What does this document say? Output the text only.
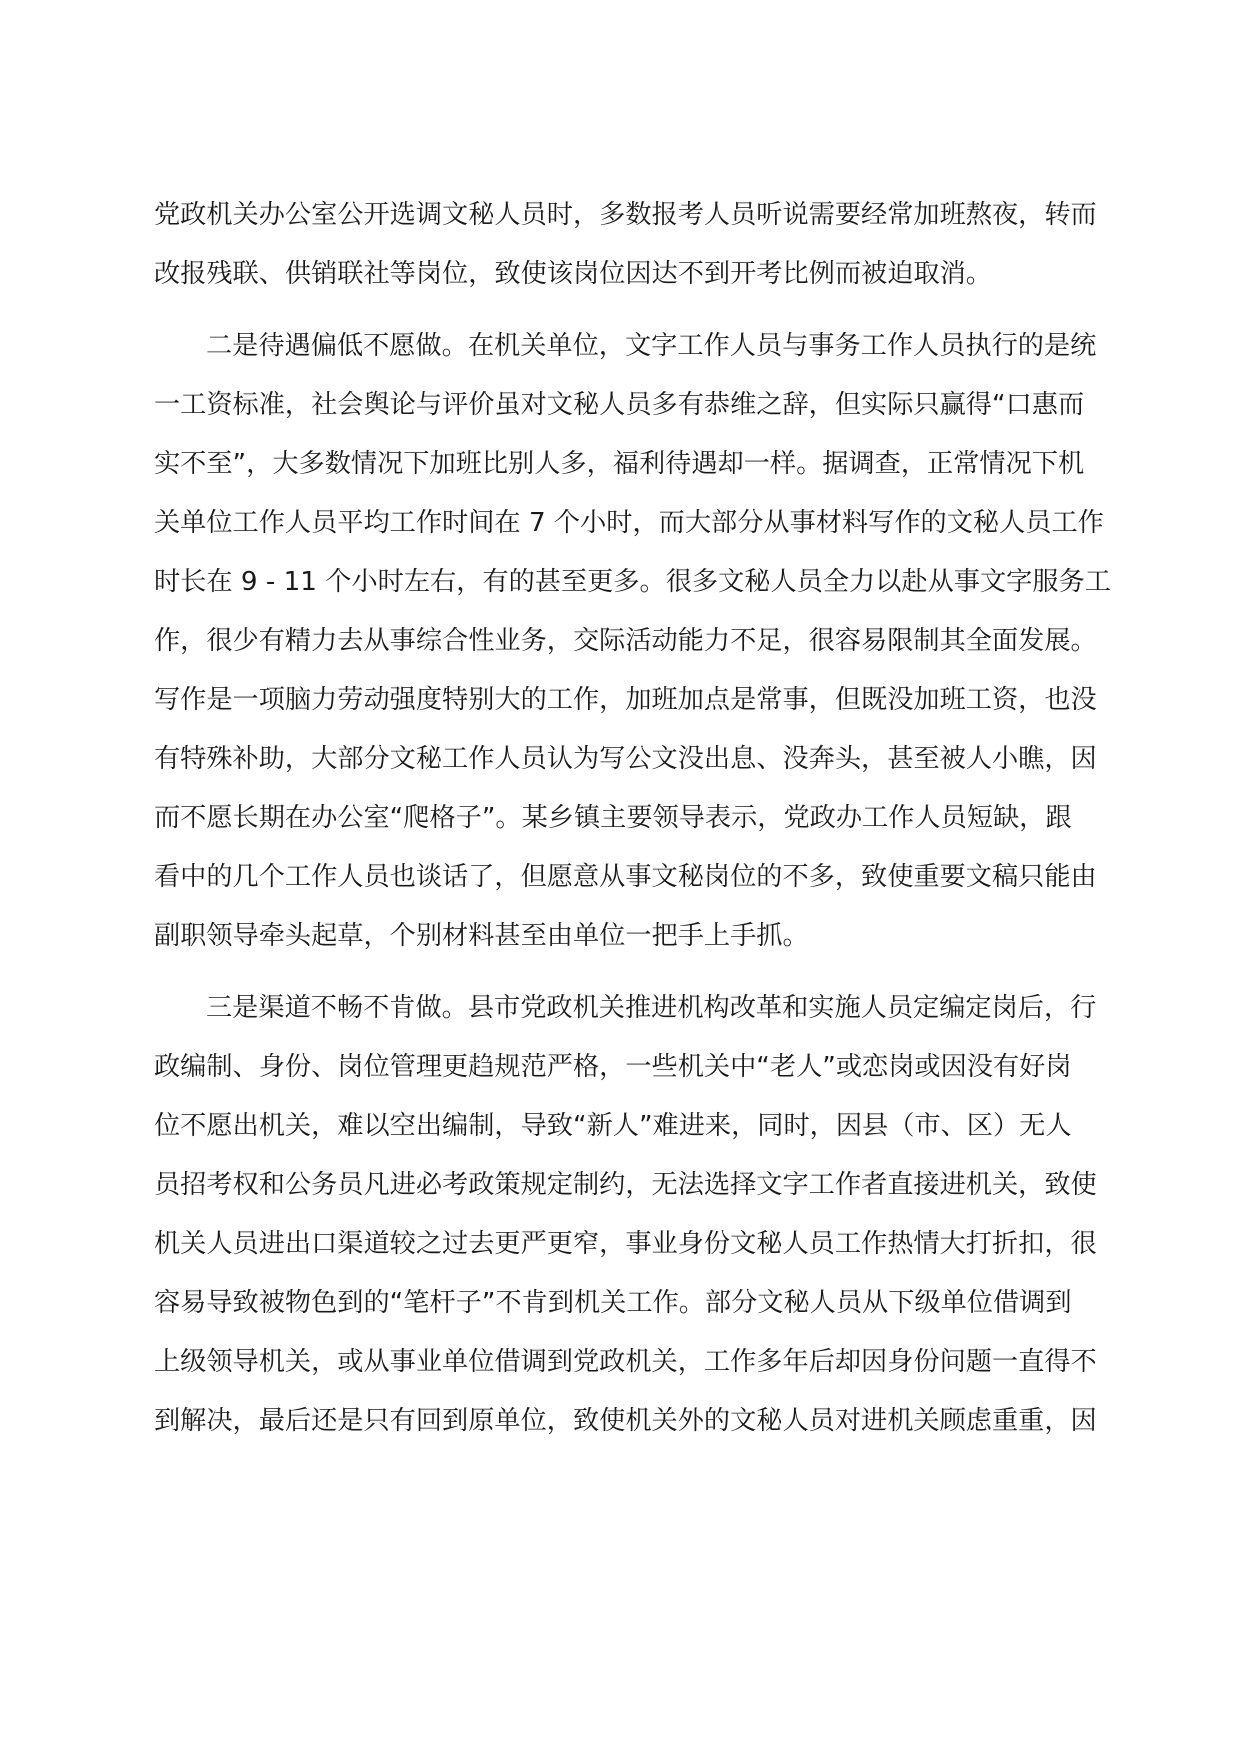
党政机关办公室公开选调文秘人员时，多数报考人员听说需要经常加班熬夜，转而
改报残联、供销联社等岗位，致使该岗位因达不到开考比例而被迫取消。
二是待遇偏低不愿做。在机关单位，文字工作人员与事务工作人员执行的是统
一工资标准，社会舆论与评价虽对文秘人员多有恭维之辞，但实际只赢得“口惠而
实不至”，大多数情况下加班比别人多，福利待遇却一样。据调查，正常情况下机
关单位工作人员平均工作时间在 7 个小时，而大部分从事材料写作的文秘人员工作
时长在 9 - 11 个小时左右，有的甚至更多。很多文秘人员全力以赴从事文字服务工
作，很少有精力去从事综合性业务，交际活动能力不足，很容易限制其全面发展。
写作是一项脑力劳动强度特别大的工作，加班加点是常事，但既没加班工资，也没
有特殊补助，大部分文秘工作人员认为写公文没出息、没奔头，甚至被人小瞧，因
而不愿长期在办公室“爬格子”。某乡镇主要领导表示，党政办工作人员短缺，跟
看中的几个工作人员也谈话了，但愿意从事文秘岗位的不多，致使重要文稿只能由
副职领导牵头起草，个别材料甚至由单位一把手上手抓。
三是渠道不畅不肯做。县市党政机关推进机构改革和实施人员定编定岗后，行
政编制、身份、岗位管理更趋规范严格，一些机关中“老人”或恋岗或因没有好岗
位不愿出机关，难以空出编制，导致“新人”难进来，同时，因县（市、区）无人
员招考权和公务员凡进必考政策规定制约，无法选择文字工作者直接进机关，致使
机关人员进出口渠道较之过去更严更窄，事业身份文秘人员工作热情大打折扣，很
容易导致被物色到的“笔杆子”不肯到机关工作。部分文秘人员从下级单位借调到
上级领导机关，或从事业单位借调到党政机关，工作多年后却因身份问题一直得不
到解决，最后还是只有回到原单位，致使机关外的文秘人员对进机关顾虑重重，因
